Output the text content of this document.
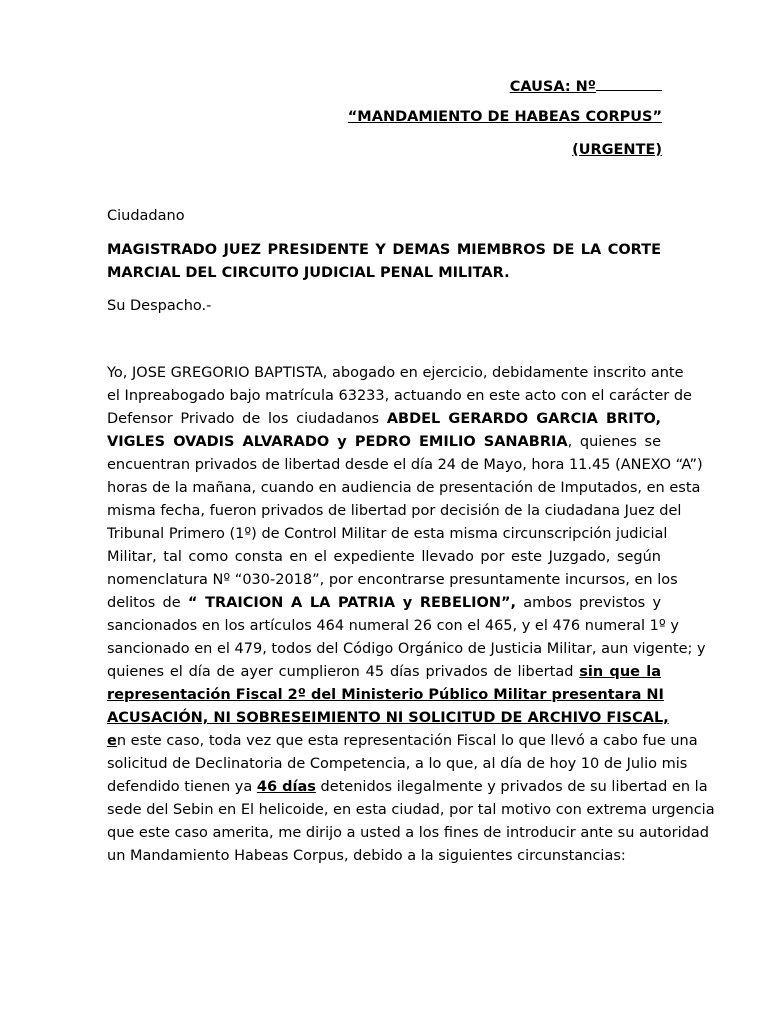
CAUSA: Nº
“MANDAMIENTO DE HABEAS CORPUS”
(URGENTE)
Ciudadano
MAGISTRADO JUEZ PRESIDENTE Y DEMAS MIEMBROS DE LA CORTE
MARCIAL DEL CIRCUITO JUDICIAL PENAL MILITAR.
Su Despacho.-
Yo, JOSE GREGORIO BAPTISTA, abogado en ejercicio, debidamente inscrito ante
el Inpreabogado bajo matrícula 63233, actuando en este acto con el carácter de
Defensor Privado de los ciudadanos ABDEL GERARDO GARCIA BRITO,
VIGLES OVADIS ALVARADO y PEDRO EMILIO SANABRIA, quienes se
encuentran privados de libertad desde el día 24 de Mayo, hora 11.45 (ANEXO “A”)
horas de la mañana, cuando en audiencia de presentación de Imputados, en esta
misma fecha, fueron privados de libertad por decisión de la ciudadana Juez del
Tribunal Primero (1º) de Control Militar de esta misma circunscripción judicial
Militar, tal como consta en el expediente llevado por este Juzgado, según
nomenclatura Nº “030-2018”, por encontrarse presuntamente incursos, en los
delitos de “ TRAICION A LA PATRIA y REBELION”, ambos previstos y
sancionados en los artículos 464 numeral 26 con el 465, y el 476 numeral 1º y
sancionado en el 479, todos del Código Orgánico de Justicia Militar, aun vigente; y
quienes el día de ayer cumplieron 45 días privados de libertad sin que la
representación Fiscal 2º del Ministerio Público Militar presentara NI
ACUSACIÓN, NI SOBRESEIMIENTO NI SOLICITUD DE ARCHIVO FISCAL,
en este caso, toda vez que esta representación Fiscal lo que llevó a cabo fue una
solicitud de Declinatoria de Competencia, a lo que, al día de hoy 10 de Julio mis
defendido tienen ya 46 días detenidos ilegalmente y privados de su libertad en la
sede del Sebin en El helicoide, en esta ciudad, por tal motivo con extrema urgencia
que este caso amerita, me dirijo a usted a los fines de introducir ante su autoridad
un Mandamiento Habeas Corpus, debido a la siguientes circunstancias:
